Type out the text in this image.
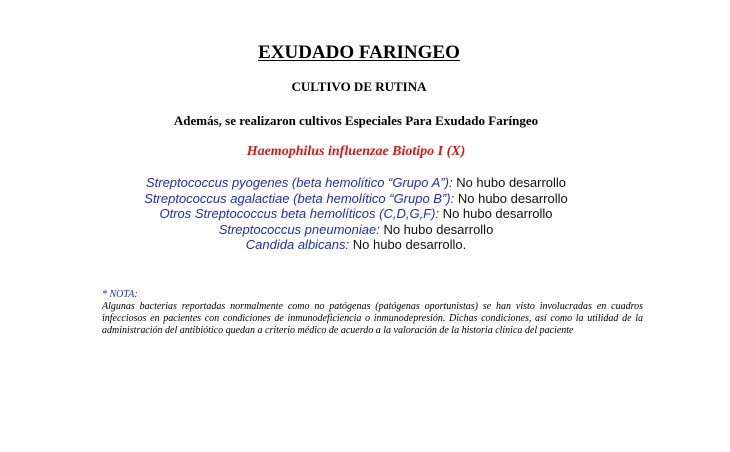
EXUDADO FARINGEO
CULTIVO DE RUTINA
Además, se realizaron cultivos Especiales Para Exudado Faríngeo
Haemophilus influenzae Biotipo I (X)
Streptococcus pyogenes (beta hemolítico “Grupo A”): No hubo desarrollo
Streptococcus agalactiae (beta hemolítico “Grupo B”): No hubo desarrollo
Otros Streptococcus beta hemolíticos (C,D,G,F): No hubo desarrollo
Streptococcus pneumoniae: No hubo desarrollo
Candida albicans: No hubo desarrollo.
* NOTA:
Algunas bacterias reportadas normalmente como no patógenas (patógenas oportunistas) se han visto involucradas en cuadros infecciosos en pacientes con condiciones de inmunodeficiencia o inmunodepresión. Dichas condiciones, así como la utilidad de la administración del antibiótico quedan a criterio médico de acuerdo a la valoración de la historia clínica del paciente
